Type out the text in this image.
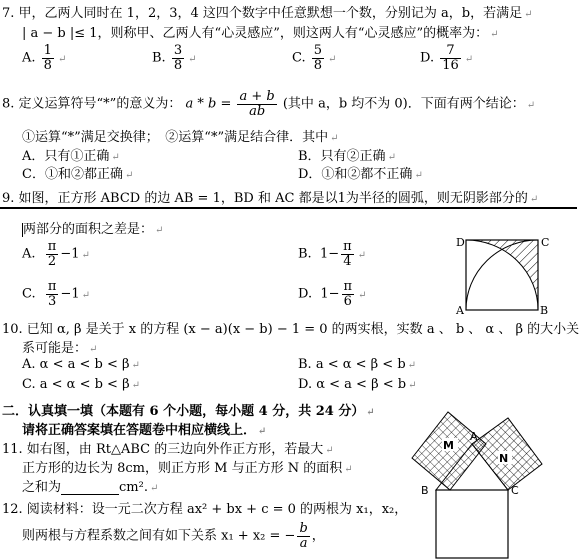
7. 甲，乙两人同时在 1，2，3，4 这四个数字中任意默想一个数，分别记为 a，b，若满足 ↵
| a − b |≤ 1，则称甲、乙两人有“心灵感应”，则这两人有“心灵感应”的概率为： ↵
A. $\frac{1}{8}$ ↵	B. $\frac{3}{8}$ ↵	C. $\frac{5}{8}$ ↵	D. $\frac{7}{16}$ ↵
8. 定义运算符号“*”的意义为： $a * b = \frac{a + b}{ab}$ (其中 a，b 均不为 0)．下面有两个结论： ↵
①运算“*”满足交换律；　②运算“*”满足结合律．其中 ↵
A．只有①正确 ↵	B．只有②正确 ↵
C．①和②都正确 ↵	D．①和②都不正确 ↵
9. 如图，正方形 ABCD 的边 AB = 1，BD 和 AC 都是以1为半径的圆弧，则无阴影部分的 ↵
两部分的面积之差是： ↵
A. $\frac{\pi}{2} -1$ ↵	B. $1- \frac{\pi}{4}$ ↵
C. $\frac{\pi}{3} -1$ ↵	D. $1- \frac{\pi}{6}$ ↵
D	C
A	B
10. 已知 α, β 是关于 x 的方程 (x − a)(x − b) − 1 = 0 的两实根，实数 a 、 b 、 α 、 β 的大小关
系可能是： ↵
A. α < a < b < β ↵	B. a < α < β < b ↵
C. a < α < b < β ↵	D. α < a < β < b ↵
二．认真填一填（本题有 6 个小题，每小题 4 分，共 24 分） ↵
请将正确答案填在答题卷中相应横线上． ↵
11. 如右图，由 Rt△ABC 的三边向外作正方形，若最大 ↵
正方形的边长为 8cm，则正方形 M 与正方形 N 的面积 ↵
之和为	cm². ↵
M
N
A
B	C
12. 阅读材料：设一元二次方程 ax² + bx + c = 0 的两根为 x₁，x₂，
则两根与方程系数之间有如下关系 x₁ + x₂ = − $\frac{b}{a}$ ，
